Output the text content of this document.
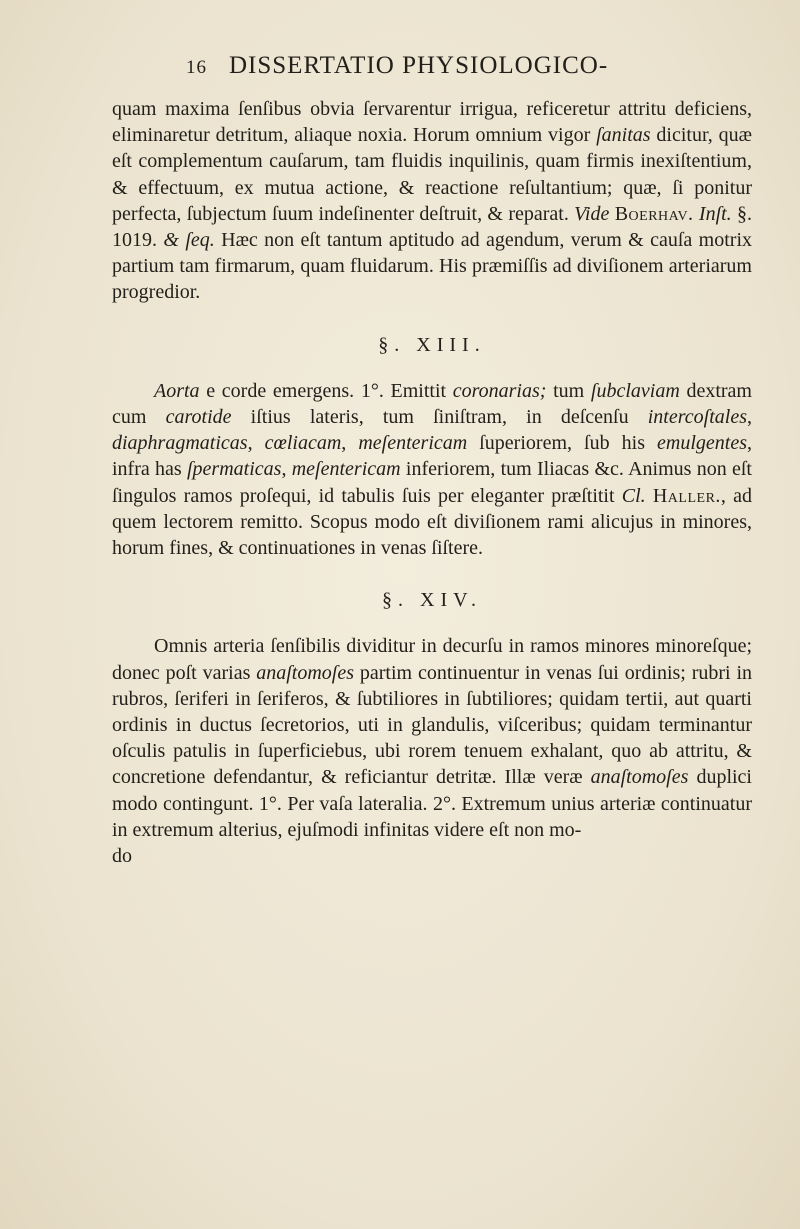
16 DISSERTATIO PHYSIOLOGICO-

quam maxima ſenſibus obvia ſervarentur irrigua, reficeretur attritu deficiens, eliminaretur detritum, aliaque noxia. Horum omnium vigor ſanitas dicitur, quæ eſt complementum cauſarum, tam fluidis inquilinis, quam firmis inexiſtentium, & effectuum, ex mutua actione, & reactione reſultantium; quæ, ſi ponitur perfecta, ſubjectum ſuum indeſinenter deſtruit, & reparat. Vide Boerhav. Inſt. §. 1019. & ſeq. Hæc non eſt tantum aptitudo ad agendum, verum & cauſa motrix partium tam firmarum, quam fluidarum. His præmiſſis ad diviſionem arteriarum progredior.

§. XIII.

Aorta e corde emergens. 1°. Emittit coronarias; tum ſubclaviam dextram cum carotide iſtius lateris, tum ſiniſtram, in deſcenſu intercoſtales, diaphragmaticas, cœliacam, meſentericam ſuperiorem, ſub his emulgentes, infra has ſpermaticas, meſentericam inferiorem, tum Iliacas &c. Animus non eſt ſingulos ramos proſequi, id tabulis ſuis per eleganter præſtitit Cl. Haller., ad quem lectorem remitto. Scopus modo eſt diviſionem rami alicujus in minores, horum fines, & continuationes in venas ſiſtere.

§. XIV.

Omnis arteria ſenſibilis dividitur in decurſu in ramos minores minoreſque; donec poſt varias anaſtomoſes partim continuentur in venas ſui ordinis; rubri in rubros, ſeriferi in ſeriferos, & ſubtiliores in ſubtiliores; quidam tertii, aut quarti ordinis in ductus ſecretorios, uti in glandulis, viſceribus; quidam terminantur oſculis patulis in ſuperficiebus, ubi rorem tenuem exhalant, quo ab attritu, & concretione defendantur, & reficiantur detritæ. Illæ veræ anaſtomoſes duplici modo contingunt. 1°. Per vaſa lateralia. 2°. Extremum unius arteriæ continuatur in extremum alterius, ejuſmodi infinitas videre eſt non mo-

do
